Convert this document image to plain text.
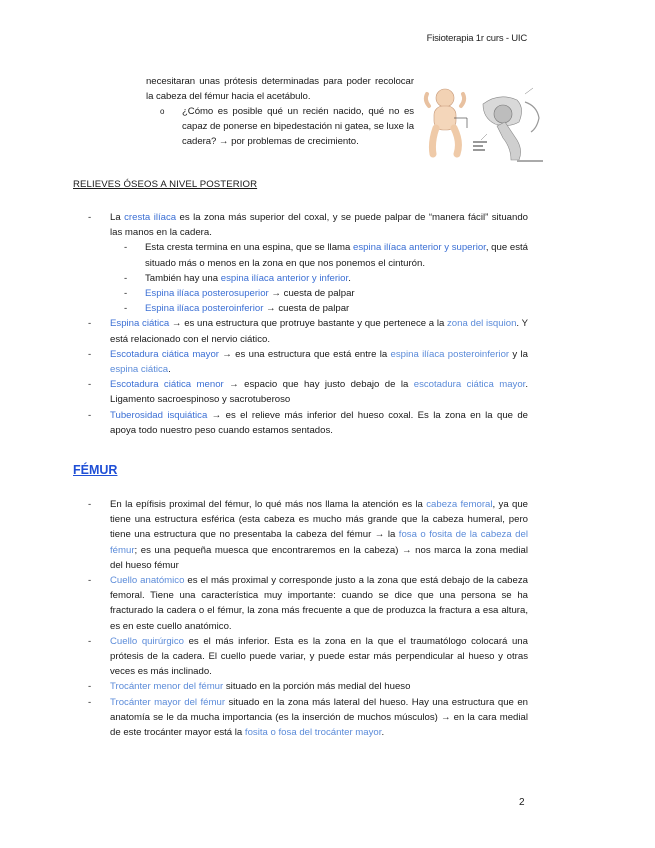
Fisioterapia 1r curs - UIC
necesitaran unas prótesis determinadas para poder recolocar la cabeza del fémur hacia el acetábulo.
o	¿Cómo es posible qué un recién nacido, qué no es capaz de ponerse en bipedestación ni gatea, se luxe la cadera? → por problemas de crecimiento.
RELIEVES ÓSEOS A NIVEL POSTERIOR
-	La cresta ilíaca es la zona más superior del coxal, y se puede palpar de “manera fácil” situando las manos en la cadera.
-	Esta cresta termina en una espina, que se llama espina ilíaca anterior y superior, que está situado más o menos en la zona en que nos ponemos el cinturón.
-	También hay una espina ilíaca anterior y inferior.
-	Espina ilíaca posterosuperior → cuesta de palpar
-	Espina ilíaca posteroinferior → cuesta de palpar
-	Espina ciática → es una estructura que protruye bastante y que pertenece a la zona del isquion. Y está relacionado con el nervio ciático.
-	Escotadura ciática mayor → es una estructura que está entre la espina ilíaca posteroinferior y la espina ciática.
-	Escotadura ciática menor → espacio que hay justo debajo de la escotadura ciática mayor. Ligamento sacroespinoso y sacrotuberoso
-	Tuberosidad isquiática → es el relieve más inferior del hueso coxal. Es la zona en la que de apoya todo nuestro peso cuando estamos sentados.
FÉMUR
-	En la epífisis proximal del fémur, lo qué más nos llama la atención es la cabeza femoral, ya que tiene una estructura esférica (esta cabeza es mucho más grande que la cabeza humeral, pero tiene una estructura que no presentaba la cabeza del fémur → la fosa o fosita de la cabeza del fémur; es una pequeña muesca que encontraremos en la cabeza) → nos marca la zona medial del hueso fémur
-	Cuello anatómico es el más proximal y corresponde justo a la zona que está debajo de la cabeza femoral. Tiene una característica muy importante: cuando se dice que una persona se ha fracturado la cadera o el fémur, la zona más frecuente a que de produzca la fractura a esa altura, es en este cuello anatómico.
-	Cuello quirúrgico es el más inferior. Esta es la zona en la que el traumatólogo colocará una prótesis de la cadera. El cuello puede variar, y puede estar más perpendicular al hueso y otras veces es más inclinado.
-	Trocánter menor del fémur situado en la porción más medial del hueso
-	Trocánter mayor del fémur situado en la zona más lateral del hueso. Hay una estructura que en anatomía se le da mucha importancia (es la inserción de muchos músculos) → en la cara medial de este trocánter mayor está la fosita o fosa del trocánter mayor.
2
